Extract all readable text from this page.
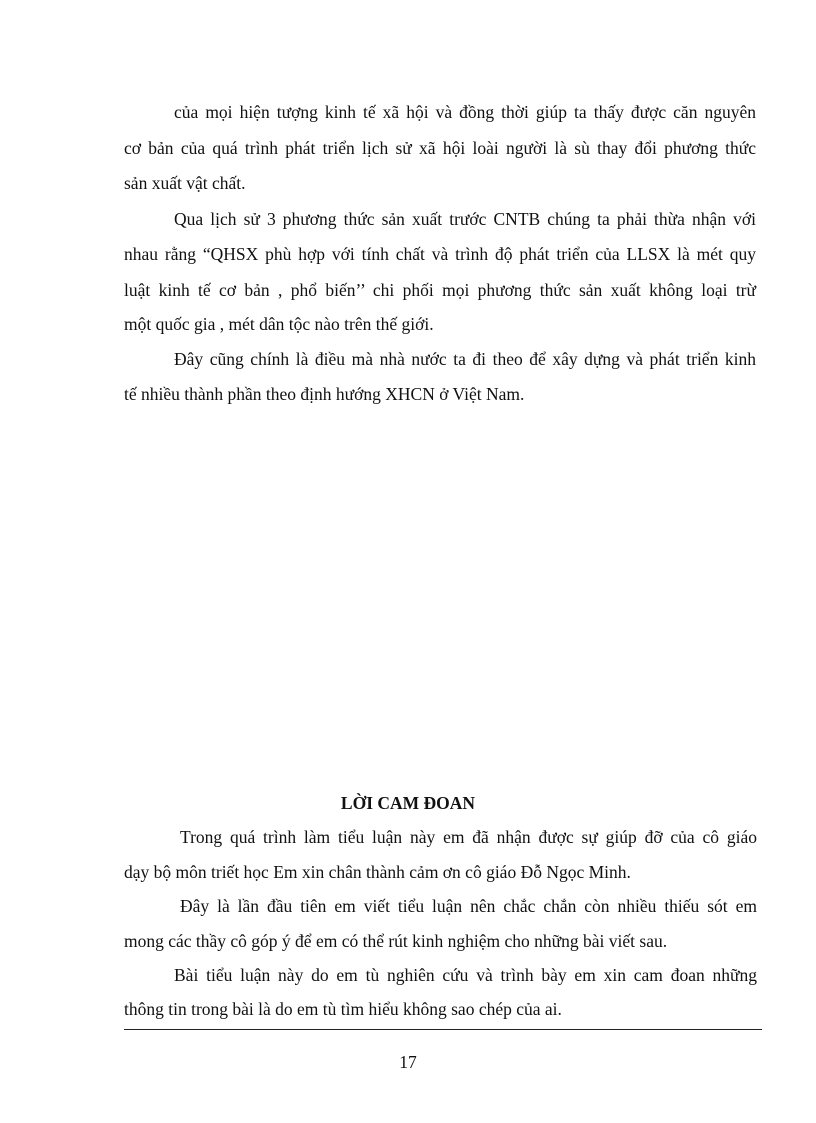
của mọi hiện tượng kinh tế xã hội và đồng thời giúp ta thấy được căn nguyên
cơ bản của quá trình phát triển lịch sử xã hội loài người là sù thay đổi phương thức
sản xuất vật chất.
Qua lịch sử 3 phương thức sản xuất trước CNTB chúng ta phải thừa nhận với
nhau rằng “QHSX phù hợp với tính chất và trình độ phát triển của LLSX là mét quy
luật kinh tế cơ bản , phổ biến’’ chi phối mọi phương thức sản xuất không loại trừ
một quốc gia , mét dân tộc nào trên thế giới.
Đây cũng chính là điều mà nhà nước ta đi theo để xây dựng và phát triển kinh
tế nhiều thành phần theo định hướng XHCN ở Việt Nam.
LỜI CAM ĐOAN
Trong quá trình làm tiểu luận này em đã nhận được sự giúp đỡ của cô giáo
dạy bộ môn triết học Em xin chân thành cảm ơn cô giáo Đỗ Ngọc Minh.
Đây là lần đầu tiên em viết tiểu luận nên chắc chắn còn nhiều thiếu sót em
mong các thầy cô góp ý để em có thể rút kinh nghiệm cho những bài viết sau.
Bài tiểu luận này do em tù nghiên cứu và trình bày em xin cam đoan những
thông tin trong bài là do em tù tìm hiểu không sao chép của ai.
17
